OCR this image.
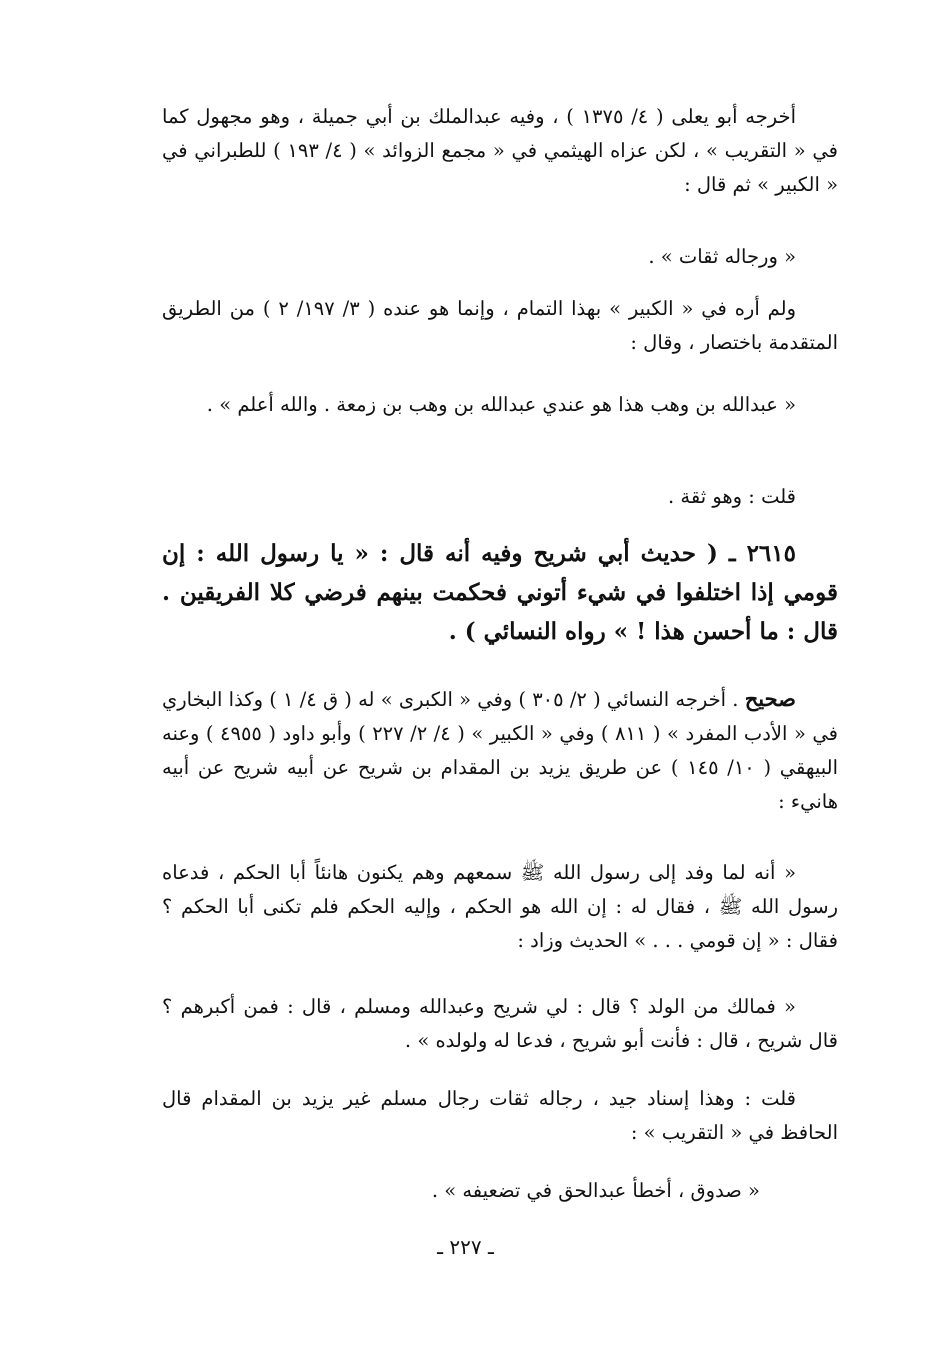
أخرجه أبو يعلى ( ٤/ ١٣٧٥ ) ، وفيه عبدالملك بن أبي جميلة ، وهو مجهول كما في « التقريب » ، لكن عزاه الهيثمي في « مجمع الزوائد » ( ٤/ ١٩٣ ) للطبراني في « الكبير » ثم قال :

« ورجاله ثقات » .

ولم أره في « الكبير » بهذا التمام ، وإنما هو عنده ( ٣/ ١٩٧/ ٢ ) من الطريق المتقدمة باختصار ، وقال :

« عبدالله بن وهب هذا هو عندي عبدالله بن وهب بن زمعة . والله أعلم » .

قلت : وهو ثقة .

٢٦١٥ ـ ( حديث أبي شريح وفيه أنه قال : « يا رسول الله : إن قومي إذا اختلفوا في شيء أتوني فحكمت بينهم فرضي كلا الفريقين . قال : ما أحسن هذا ! » رواه النسائي ) .

صحيح . أخرجه النسائي ( ٢/ ٣٠٥ ) وفي « الكبرى » له ( ق ٤/ ١ ) وكذا البخاري في « الأدب المفرد » ( ٨١١ ) وفي « الكبير » ( ٤/ ٢/ ٢٢٧ ) وأبو داود ( ٤٩٥٥ ) وعنه البيهقي ( ١٠/ ١٤٥ ) عن طريق يزيد بن المقدام بن شريح عن أبيه شريح عن أبيه هانيء :

« أنه لما وفد إلى رسول الله ﷺ سمعهم وهم يكنون هانئاً أبا الحكم ، فدعاه رسول الله ﷺ ، فقال له : إن الله هو الحكم ، وإليه الحكم فلم تكنى أبا الحكم ؟ فقال : « إن قومي . . . » الحديث وزاد :

« فمالك من الولد ؟ قال : لي شريح وعبدالله ومسلم ، قال : فمن أكبرهم ؟ قال شريح ، قال : فأنت أبو شريح ، فدعا له ولولده » .

قلت : وهذا إسناد جيد ، رجاله ثقات رجال مسلم غير يزيد بن المقدام قال الحافظ في « التقريب » :

« صدوق ، أخطأ عبدالحق في تضعيفه » .

ـ ٢٢٧ ـ
